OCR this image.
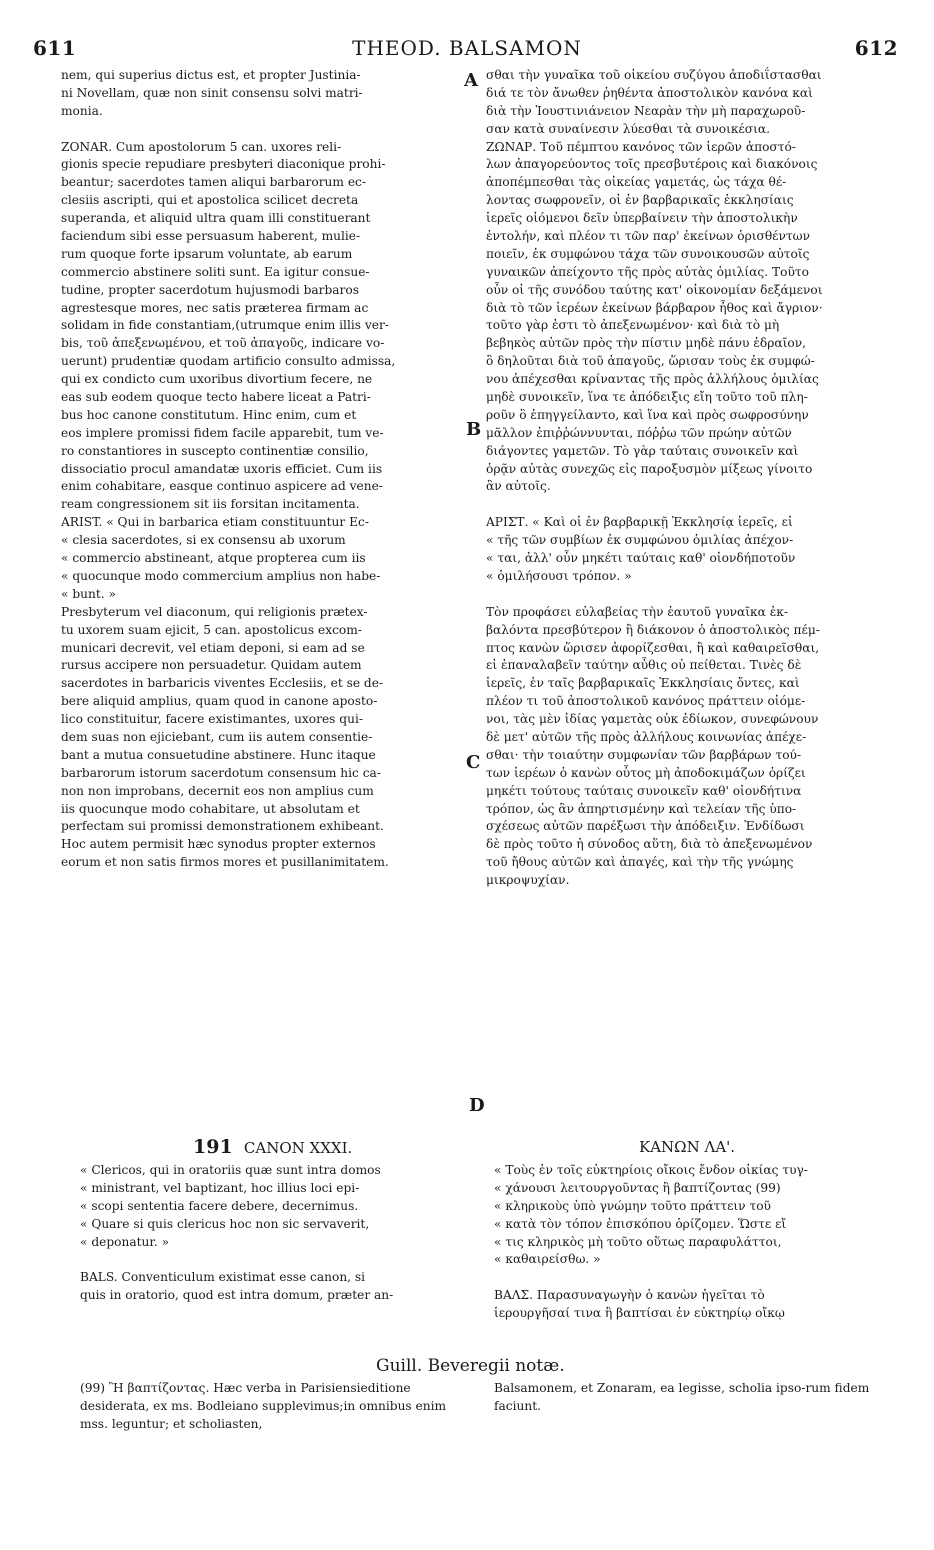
611	THEOD. BALSAMON	612
A
B
C
D
nem, qui superius dictus est, et propter Justinia-
ni Novellam, quæ non sinit consensu solvi matri-
monia.
ZONAR. Cum apostolorum 5 can. uxores reli-
gionis specie repudiare presbyteri diaconique prohi-
beantur; sacerdotes tamen aliqui barbarorum ec-
clesiis ascripti, qui et apostolica scilicet decreta
superanda, et aliquid ultra quam illi constituerant
faciendum sibi esse persuasum haberent, mulie-
rum quoque forte ipsarum voluntate, ab earum
commercio abstinere soliti sunt. Ea igitur consue-
tudine, propter sacerdotum hujusmodi barbaros
agrestesque mores, nec satis præterea firmam ac
solidam in fide constantiam,(utrumque enim illis ver-
bis, τοῦ ἀπεξενωμένου, et τοῦ ἀπαγοῦς, indicare vo-
uerunt) prudentiæ quodam artificio consulto admissa,
qui ex condicto cum uxoribus divortium fecere, ne
eas sub eodem quoque tecto habere liceat a Patri-
bus hoc canone constitutum. Hinc enim, cum et
eos implere promissi fidem facile apparebit, tum ve-
ro constantiores in suscepto continentiæ consilio,
dissociatio procul amandatæ uxoris efficiet. Cum iis
enim cohabitare, easque continuo aspicere ad vene-
ream congressionem sit iis forsitan incitamenta.
ARIST. « Qui in barbarica etiam constituuntur Ec-
« clesia sacerdotes, si ex consensu ab uxorum
« commercio abstineant, atque propterea cum iis
« quocunque modo commercium amplius non habe-
« bunt. »
Presbyterum vel diaconum, qui religionis prætex-
tu uxorem suam ejicit, 5 can. apostolicus excom-
municari decrevit, vel etiam deponi, si eam ad se
rursus accipere non persuadetur. Quidam autem
sacerdotes in barbaricis viventes Ecclesiis, et se de-
bere aliquid amplius, quam quod in canone aposto-
lico constituitur, facere existimantes, uxores qui-
dem suas non ejiciebant, cum iis autem consentie-
bant a mutua consuetudine abstinere. Hunc itaque
barbarorum istorum sacerdotum consensum hic ca-
non non improbans, decernit eos non amplius cum
iis quocunque modo cohabitare, ut absolutam et
perfectam sui promissi demonstrationem exhibeant.
Hoc autem permisit hæc synodus propter externos
eorum et non satis firmos mores et pusillanimitatem.
σθαι τὴν γυναῖκα τοῦ οἰκείου συζύγου ἀποδιΐστασθαι
διά τε τὸν ἄνωθεν ῥηθέντα ἀποστολικὸν κανόνα καὶ
διὰ τὴν Ἰουστινιάνειον Νεαρὰν τὴν μὴ παραχωροῦ-
σαν κατὰ συναίνεσιν λύεσθαι τὰ συνοικέσια.
ΖΩΝΑΡ. Τοῦ πέμπτου κανόνος τῶν ἱερῶν ἀποστό-
λων ἀπαγορεύοντος τοῖς πρεσβυτέροις καὶ διακόνοις
ἀποπέμπεσθαι τὰς οἰκείας γαμετάς, ὡς τάχα θέ-
λοντας σωφρονεῖν, οἱ ἐν βαρβαρικαῖς ἐκκλησίαις
ἱερεῖς οἰόμενοι δεῖν ὑπερβαίνειν τὴν ἀποστολικὴν
ἐντολήν, καὶ πλέον τι τῶν παρ' ἐκείνων ὁρισθέντων
ποιεῖν, ἐκ συμφώνου τάχα τῶν συνοικουσῶν αὐτοῖς
γυναικῶν ἀπείχοντο τῆς πρὸς αὐτὰς ὁμιλίας. Τοῦτο
οὖν οἱ τῆς συνόδου ταύτης κατ' οἰκονομίαν δεξάμενοι
διὰ τὸ τῶν ἱερέων ἐκείνων βάρβαρον ἦθος καὶ ἄγριον·
τοῦτο γὰρ ἐστι τὸ ἀπεξενωμένον· καὶ διὰ τὸ μὴ
βεβηκὸς αὐτῶν πρὸς τὴν πίστιν μηδὲ πάνυ ἑδραῖον,
ὃ δηλοῦται διὰ τοῦ ἀπαγοῦς, ὥρισαν τοὺς ἐκ συμφώ-
νου ἀπέχεσθαι κρίναντας τῆς πρὸς ἀλλήλους ὁμιλίας
μηδὲ συνοικεῖν, ἵνα τε ἀπόδειξις εἴη τοῦτο τοῦ πλη-
ροῦν ὃ ἐπηγγείλαντο, καὶ ἵνα καὶ πρὸς σωφροσύνην
μᾶλλον ἐπιῤῥώννυνται, πόῤῥω τῶν πρώην αὐτῶν
διάγοντες γαμετῶν. Τὸ γὰρ ταύταις συνοικεῖν καὶ
ὁρᾷν αὐτὰς συνεχῶς εἰς παροξυσμὸν μίξεως γίνοιτο
ἂν αὐτοῖς.
ΑΡΙΣΤ. « Καὶ οἱ ἐν βαρβαρικῇ Ἐκκλησίᾳ ἱερεῖς, εἰ
« τῆς τῶν συμβίων ἐκ συμφώνου ὁμιλίας ἀπέχον-
« ται, ἀλλ' οὖν μηκέτι ταύταις καθ' οἱονδήποτοῦν
« ὁμιλήσουσι τρόπον. »
Τὸν προφάσει εὐλαβείας τὴν ἑαυτοῦ γυναῖκα ἐκ-
βαλόντα πρεσβύτερον ἢ διάκονον ὁ ἀποστολικὸς πέμ-
πτος κανὼν ὥρισεν ἀφορίζεσθαι, ἢ καὶ καθαιρεῖσθαι,
εἰ ἐπαναλαβεῖν ταύτην αὖθις οὐ πείθεται. Τινὲς δὲ
ἱερεῖς, ἐν ταῖς βαρβαρικαῖς Ἐκκλησίαις ὄντες, καὶ
πλέον τι τοῦ ἀποστολικοῦ κανόνος πράττειν οἰόμε-
νοι, τὰς μὲν ἰδίας γαμετὰς οὐκ ἐδίωκον, συνεφώνουν
δὲ μετ' αὐτῶν τῆς πρὸς ἀλλήλους κοινωνίας ἀπέχε-
σθαι· τὴν τοιαύτην συμφωνίαν τῶν βαρβάρων τού-
των ἱερέων ὁ κανὼν οὗτος μὴ ἀποδοκιμάζων ὁρίζει
μηκέτι τούτους ταύταις συνοικεῖν καθ' οἱονδήτινα
τρόπον, ὡς ἂν ἀπηρτισμένην καὶ τελείαν τῆς ὑπο-
σχέσεως αὐτῶν παρέξωσι τὴν ἀπόδειξιν. Ἐνδίδωσι
δὲ πρὸς τοῦτο ἡ σύνοδος αὕτη, διὰ τὸ ἀπεξενωμένον
τοῦ ἤθους αὐτῶν καὶ ἀπαγές, καὶ τὴν τῆς γνώμης
μικροψυχίαν.
191 CANON XXXI.	ΚΑΝΩΝ ΛΑ'.
« Clericos, qui in oratoriis quæ sunt intra domos
« ministrant, vel baptizant, hoc illius loci epi-
« scopi sententia facere debere, decernimus.
« Quare si quis clericus hoc non sic servaverit,
« deponatur. »
BALS. Conventiculum existimat esse canon, si
quis in oratorio, quod est intra domum, præter an-
« Τοὺς ἐν τοῖς εὐκτηρίοις οἴκοις ἔνδον οἰκίας τυγ-
« χάνουσι λειτουργοῦντας ἢ βαπτίζοντας (99)
« κληρικοὺς ὑπὸ γνώμην τοῦτο πράττειν τοῦ
« κατὰ τὸν τόπον ἐπισκόπου ὁρίζομεν. Ὥστε εἴ
« τις κληρικὸς μὴ τοῦτο οὕτως παραφυλάττοι,
« καθαιρείσθω. »
ΒΑΛΣ. Παρασυναγωγὴν ὁ κανὼν ἡγεῖται τὸ
ἱερουργῆσαί τινα ἢ βαπτίσαι ἐν εὐκτηρίῳ οἴκῳ
Guill. Beveregii notæ.
(99) Ἢ βαπτίζοντας. Hæc verba in Parisiensieditione desiderata, ex ms. Bodleiano supplevimus;in omnibus enim mss. leguntur; et scholiasten,
Balsamonem, et Zonaram, ea legisse, scholia ipso-rum fidem faciunt.
